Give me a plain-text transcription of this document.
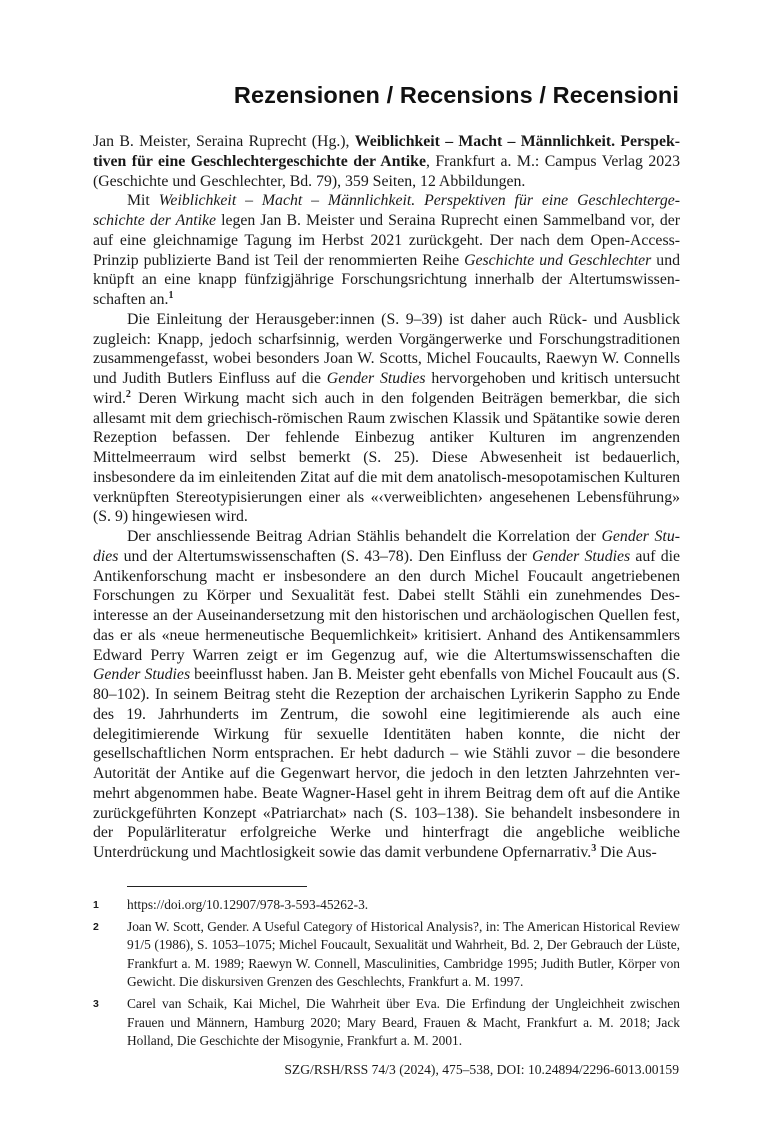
Rezensionen / Recensions / Recensioni

Jan B. Meister, Seraina Ruprecht (Hg.), Weiblichkeit – Macht – Männlichkeit. Perspektiven für eine Geschlechtergeschichte der Antike, Frankfurt a. M.: Campus Verlag 2023 (Geschichte und Geschlechter, Bd. 79), 359 Seiten, 12 Abbildungen.

Mit Weiblichkeit – Macht – Männlichkeit. Perspektiven für eine Geschlechtergeschichte der Antike legen Jan B. Meister und Seraina Ruprecht einen Sammelband vor, der auf eine gleichnamige Tagung im Herbst 2021 zurückgeht. Der nach dem Open-Access-Prinzip publizierte Band ist Teil der renommierten Reihe Geschichte und Geschlechter und knüpft an eine knapp fünfzigjährige Forschungsrichtung innerhalb der Altertumswissenschaften an.$^1$

Die Einleitung der Herausgeber:innen (S. 9–39) ist daher auch Rück- und Ausblick zugleich: Knapp, jedoch scharfsinnig, werden Vorgängerwerke und Forschungstraditionen zusammengefasst, wobei besonders Joan W. Scotts, Michel Foucaults, Raewyn W. Connells und Judith Butlers Einfluss auf die Gender Studies hervorgehoben und kritisch untersucht wird.$^2$ Deren Wirkung macht sich auch in den folgenden Beiträgen bemerkbar, die sich allesamt mit dem griechisch-römischen Raum zwischen Klassik und Spätantike sowie deren Rezeption befassen. Der fehlende Einbezug antiker Kulturen im angrenzenden Mittelmeerraum wird selbst bemerkt (S. 25). Diese Abwesenheit ist bedauerlich, insbesondere da im einleitenden Zitat auf die mit dem anatolisch-mesopotamischen Kulturen verknüpften Stereotypisierungen einer als «‹verweiblichten› angesehenen Lebensführung» (S. 9) hingewiesen wird.

Der anschliessende Beitrag Adrian Stählis behandelt die Korrelation der Gender Studies und der Altertumswissenschaften (S. 43–78). Den Einfluss der Gender Studies auf die Antikenforschung macht er insbesondere an den durch Michel Foucault angetriebenen Forschungen zu Körper und Sexualität fest. Dabei stellt Stähli ein zunehmendes Desinteresse an der Auseinandersetzung mit den historischen und archäologischen Quellen fest, das er als «neue hermeneutische Bequemlichkeit» kritisiert. Anhand des Antikensammlers Edward Perry Warren zeigt er im Gegenzug auf, wie die Altertumswissenschaften die Gender Studies beeinflusst haben. Jan B. Meister geht ebenfalls von Michel Foucault aus (S. 80–102). In seinem Beitrag steht die Rezeption der archaischen Lyrikerin Sappho zu Ende des 19. Jahrhunderts im Zentrum, die sowohl eine legitimierende als auch eine delegitimierende Wirkung für sexuelle Identitäten haben konnte, die nicht der gesellschaftlichen Norm entsprachen. Er hebt dadurch – wie Stähli zuvor – die besondere Autorität der Antike auf die Gegenwart hervor, die jedoch in den letzten Jahrzehnten vermehrt abgenommen habe. Beate Wagner-Hasel geht in ihrem Beitrag dem oft auf die Antike zurückgeführten Konzept «Patriarchat» nach (S. 103–138). Sie behandelt insbesondere in der Populärliteratur erfolgreiche Werke und hinterfragt die angebliche weibliche Unterdrückung und Machtlosigkeit sowie das damit verbundene Opfernarrativ.$^3$ Die Aus-

1 https://doi.org/10.12907/978-3-593-45262-3.
2 Joan W. Scott, Gender. A Useful Category of Historical Analysis?, in: The American Historical Review 91/5 (1986), S. 1053–1075; Michel Foucault, Sexualität und Wahrheit, Bd. 2, Der Gebrauch der Lüste, Frankfurt a. M. 1989; Raewyn W. Connell, Masculinities, Cambridge 1995; Judith Butler, Körper von Gewicht. Die diskursiven Grenzen des Geschlechts, Frankfurt a. M. 1997.
3 Carel van Schaik, Kai Michel, Die Wahrheit über Eva. Die Erfindung der Ungleichheit zwischen Frauen und Männern, Hamburg 2020; Mary Beard, Frauen & Macht, Frankfurt a. M. 2018; Jack Holland, Die Geschichte der Misogynie, Frankfurt a. M. 2001.
SZG/RSH/RSS 74/3 (2024), 475–538, DOI: 10.24894/2296-6013.00159
